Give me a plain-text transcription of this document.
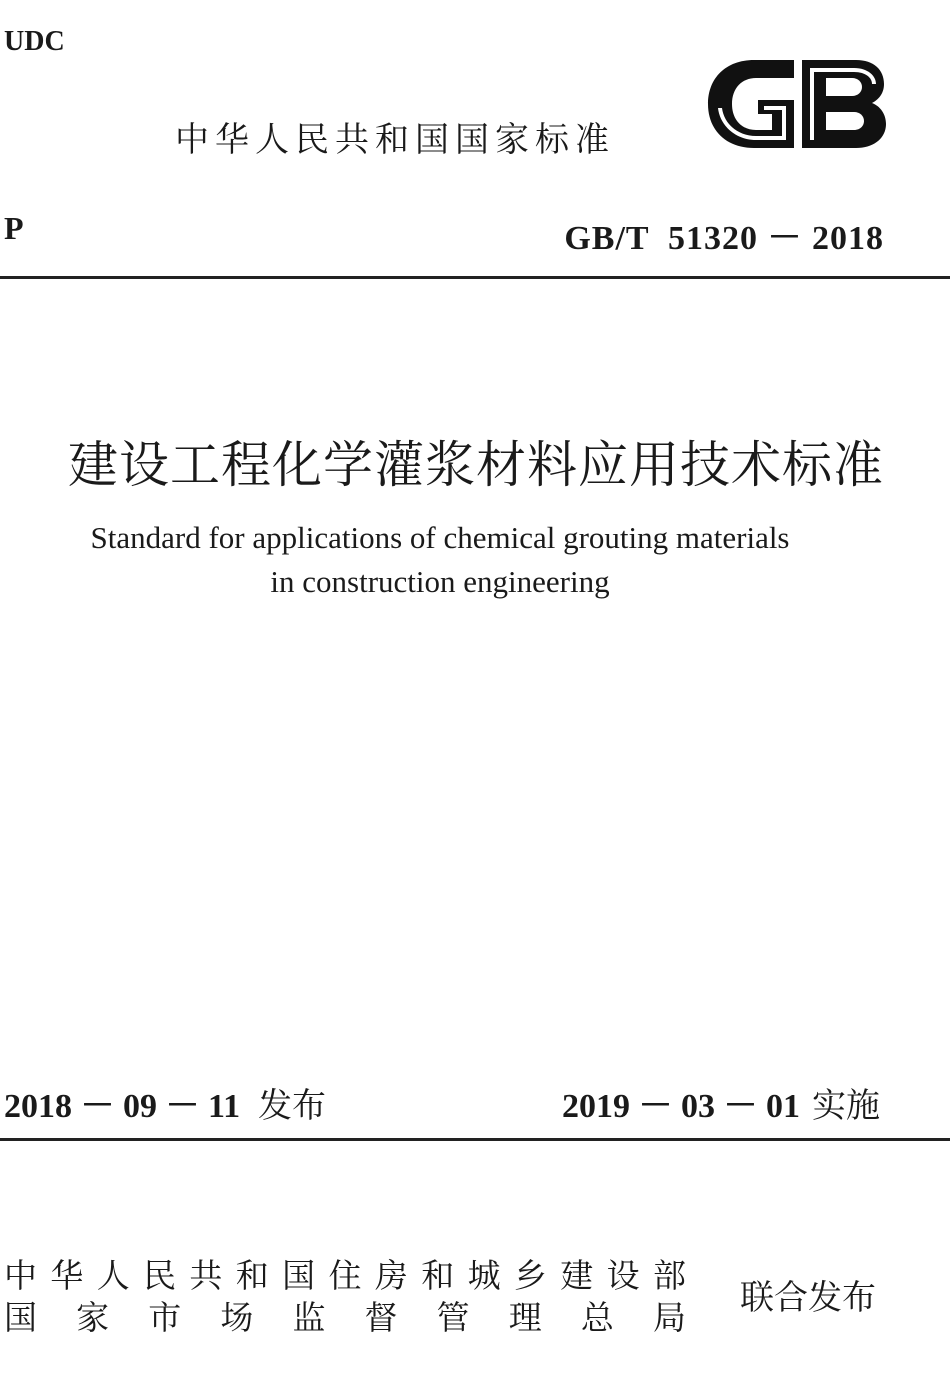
UDC
中华人民共和国国家标准
P	GB/T  51320 － 2018
建设工程化学灌浆材料应用技术标准
Standard for applications of chemical grouting materials
in construction engineering
2018 － 09 － 11 发布	2019 － 03 － 01 实施
中华人民共和国住房和城乡建设部
国家市场监督管理总局 联合发布
